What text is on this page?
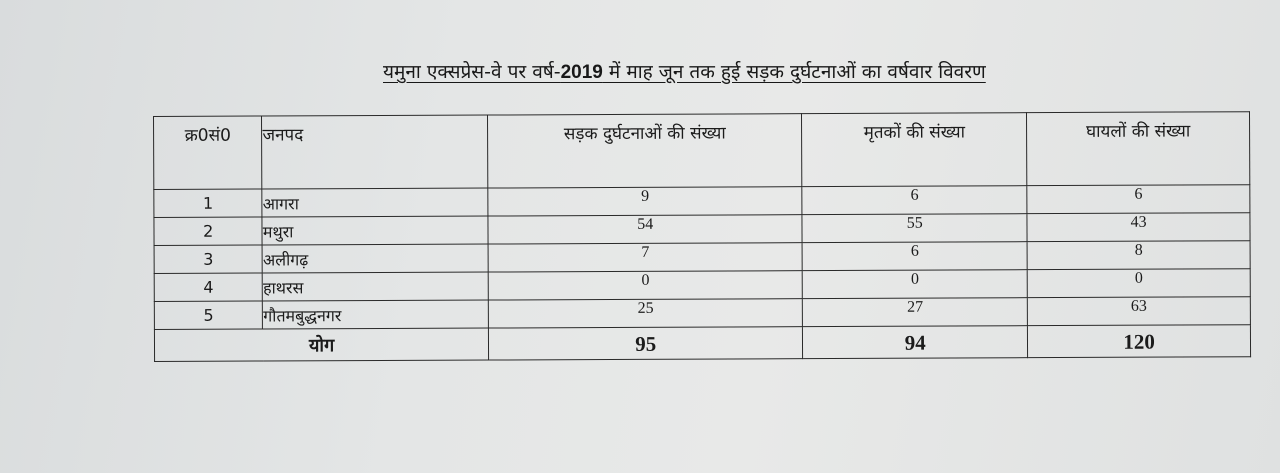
यमुना एक्सप्रेस-वे पर वर्ष-2019 में माह जून तक हुई सड़क दुर्घटनाओं का वर्षवार विवरण
क्र0सं0	जनपद	सड़क दुर्घटनाओं की संख्या	मृतकों की संख्या	घायलों की संख्या
1	आगरा	9	6	6
2	मथुरा	54	55	43
3	अलीगढ़	7	6	8
4	हाथरस	0	0	0
5	गौतमबुद्धनगर	25	27	63
योग		95	94	120
